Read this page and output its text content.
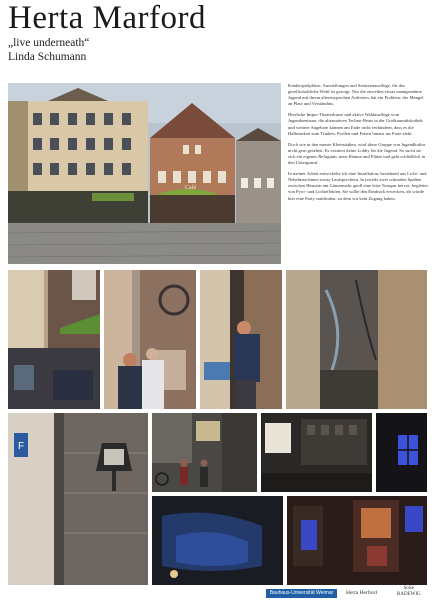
Herta Marford
„live underneath“
Linda Schumann
Café

Kinderspielplätze, Ausstellungen und Seniorenausflüge, für das gesellschaftliche Wohl ist gesorgt. Nur die zuweilen etwas unangenehme Jugend mit ihrem altersttypischen Auftreten, hat ein Problem: der Mangel an Platz und Verständnis.

Herrliche Impro-Theaterkurse und aktive Waldausflüge vom Jugendzentrum, die alternativen Techno-Beats in der Großraumdiskothek und weitere Angebote können am Ende nicht verhindern, dass es die Halbstarken zum Trinken, Prollen und Feiern hinaus ins Freie zieht.

Doch wie in den meiste Kleinstädten, wird diese Gruppe von Jugendkultur nicht gern gesehen. Es existiert keine Lobby für die Jugend. So sucht sie sich ein eigenes Refugium, neue Räume und Plätze und geht schließlich in den Untergrund.

In meiner Arbeit entwickelte ich eine Installation, bestehend aus Licht- und Nebelmaschinen sowie Lautsprechern. In jeweils zwei schmalen Spalten zwischen Häusern am Gänsemarkt quoll eine leise Tonspur hervor, begleitet von Pyro- und Lichteffekten. Sie sollte den Eindruck erwecken, als würde hier eine Party stattfinden, zu dem wir kein Zugang haben.

F
Bauhaus-Universität Weimar	Herta Herford
SoSe
RADEWIG
